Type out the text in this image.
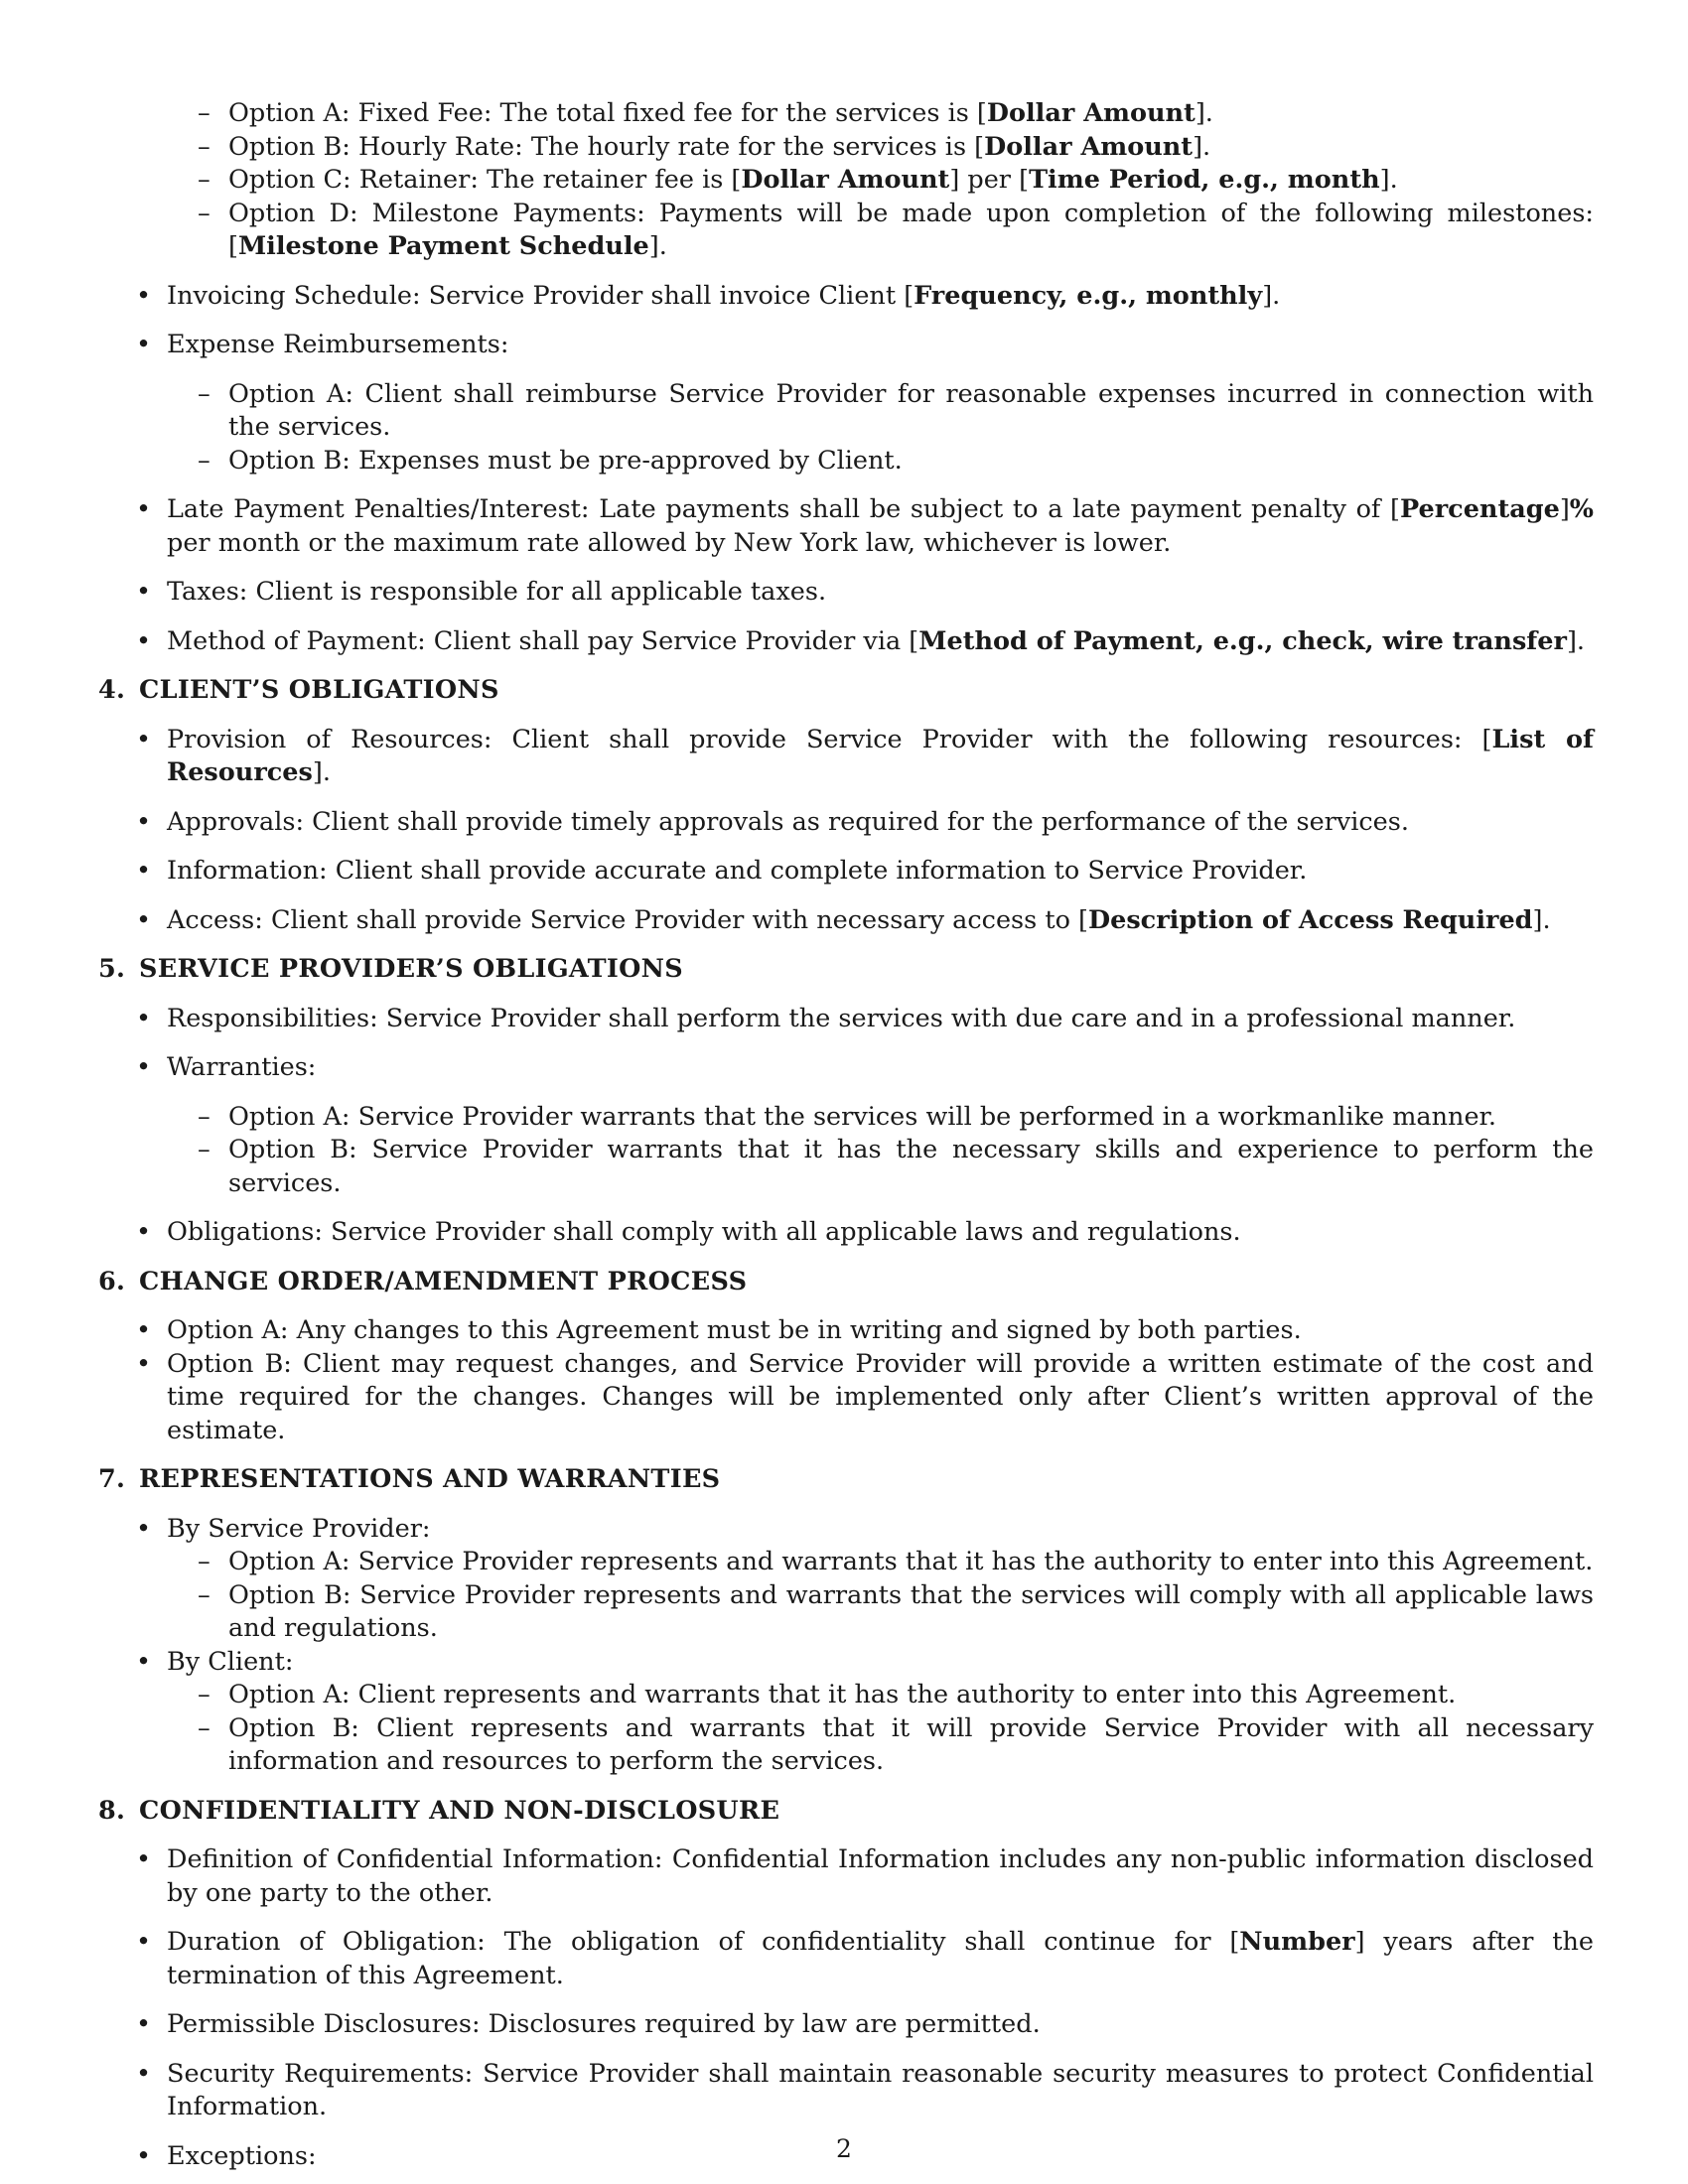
– Option A: Fixed Fee: The total fixed fee for the services is [Dollar Amount].
– Option B: Hourly Rate: The hourly rate for the services is [Dollar Amount].
– Option C: Retainer: The retainer fee is [Dollar Amount] per [Time Period, e.g., month].
– Option D: Milestone Payments: Payments will be made upon completion of the following milestones: [Milestone Payment Schedule].
• Invoicing Schedule: Service Provider shall invoice Client [Frequency, e.g., monthly].
• Expense Reimbursements:
– Option A: Client shall reimburse Service Provider for reasonable expenses incurred in connection with the services.
– Option B: Expenses must be pre-approved by Client.
• Late Payment Penalties/Interest: Late payments shall be subject to a late payment penalty of [Percentage]% per month or the maximum rate allowed by New York law, whichever is lower.
• Taxes: Client is responsible for all applicable taxes.
• Method of Payment: Client shall pay Service Provider via [Method of Payment, e.g., check, wire transfer].
4. CLIENT’S OBLIGATIONS
• Provision of Resources: Client shall provide Service Provider with the following resources: [List of Resources].
• Approvals: Client shall provide timely approvals as required for the performance of the services.
• Information: Client shall provide accurate and complete information to Service Provider.
• Access: Client shall provide Service Provider with necessary access to [Description of Access Required].
5. SERVICE PROVIDER’S OBLIGATIONS
• Responsibilities: Service Provider shall perform the services with due care and in a professional manner.
• Warranties:
– Option A: Service Provider warrants that the services will be performed in a workmanlike manner.
– Option B: Service Provider warrants that it has the necessary skills and experience to perform the services.
• Obligations: Service Provider shall comply with all applicable laws and regulations.
6. CHANGE ORDER/AMENDMENT PROCESS
• Option A: Any changes to this Agreement must be in writing and signed by both parties.
• Option B: Client may request changes, and Service Provider will provide a written estimate of the cost and time required for the changes. Changes will be implemented only after Client’s written approval of the estimate.
7. REPRESENTATIONS AND WARRANTIES
• By Service Provider:
– Option A: Service Provider represents and warrants that it has the authority to enter into this Agreement.
– Option B: Service Provider represents and warrants that the services will comply with all applicable laws and regulations.
• By Client:
– Option A: Client represents and warrants that it has the authority to enter into this Agreement.
– Option B: Client represents and warrants that it will provide Service Provider with all necessary information and resources to perform the services.
8. CONFIDENTIALITY AND NON-DISCLOSURE
• Definition of Confidential Information: Confidential Information includes any non-public information disclosed by one party to the other.
• Duration of Obligation: The obligation of confidentiality shall continue for [Number] years after the termination of this Agreement.
• Permissible Disclosures: Disclosures required by law are permitted.
• Security Requirements: Service Provider shall maintain reasonable security measures to protect Confidential Information.
• Exceptions:	2
